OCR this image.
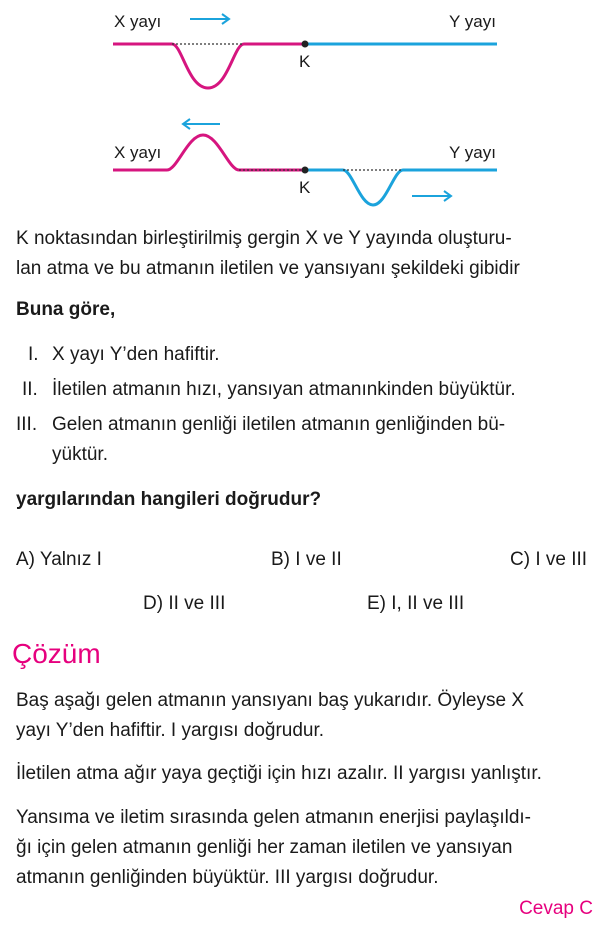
X yayı	Y yayı
K
X yayı	Y yayı
K
K noktasından birleştirilmiş gergin X ve Y yayında oluşturu-
lan atma ve bu atmanın iletilen ve yansıyanı şekildeki gibidir
Buna göre,
I. X yayı Y’den hafiftir.
II. İletilen atmanın hızı, yansıyan atmanınkinden büyüktür.
III. Gelen atmanın genliği iletilen atmanın genliğinden bü-
yüktür.
yargılarından hangileri doğrudur?
A) Yalnız I	B) I ve II	C) I ve III
D) II ve III	E) I, II ve III
Çözüm
Baş aşağı gelen atmanın yansıyanı baş yukarıdır. Öyleyse X
yayı Y’den hafiftir. I yargısı doğrudur.
İletilen atma ağır yaya geçtiği için hızı azalır. II yargısı yanlıştır.
Yansıma ve iletim sırasında gelen atmanın enerjisi paylaşıldı-
ğı için gelen atmanın genliği her zaman iletilen ve yansıyan
atmanın genliğinden büyüktür. III yargısı doğrudur.
Cevap C
